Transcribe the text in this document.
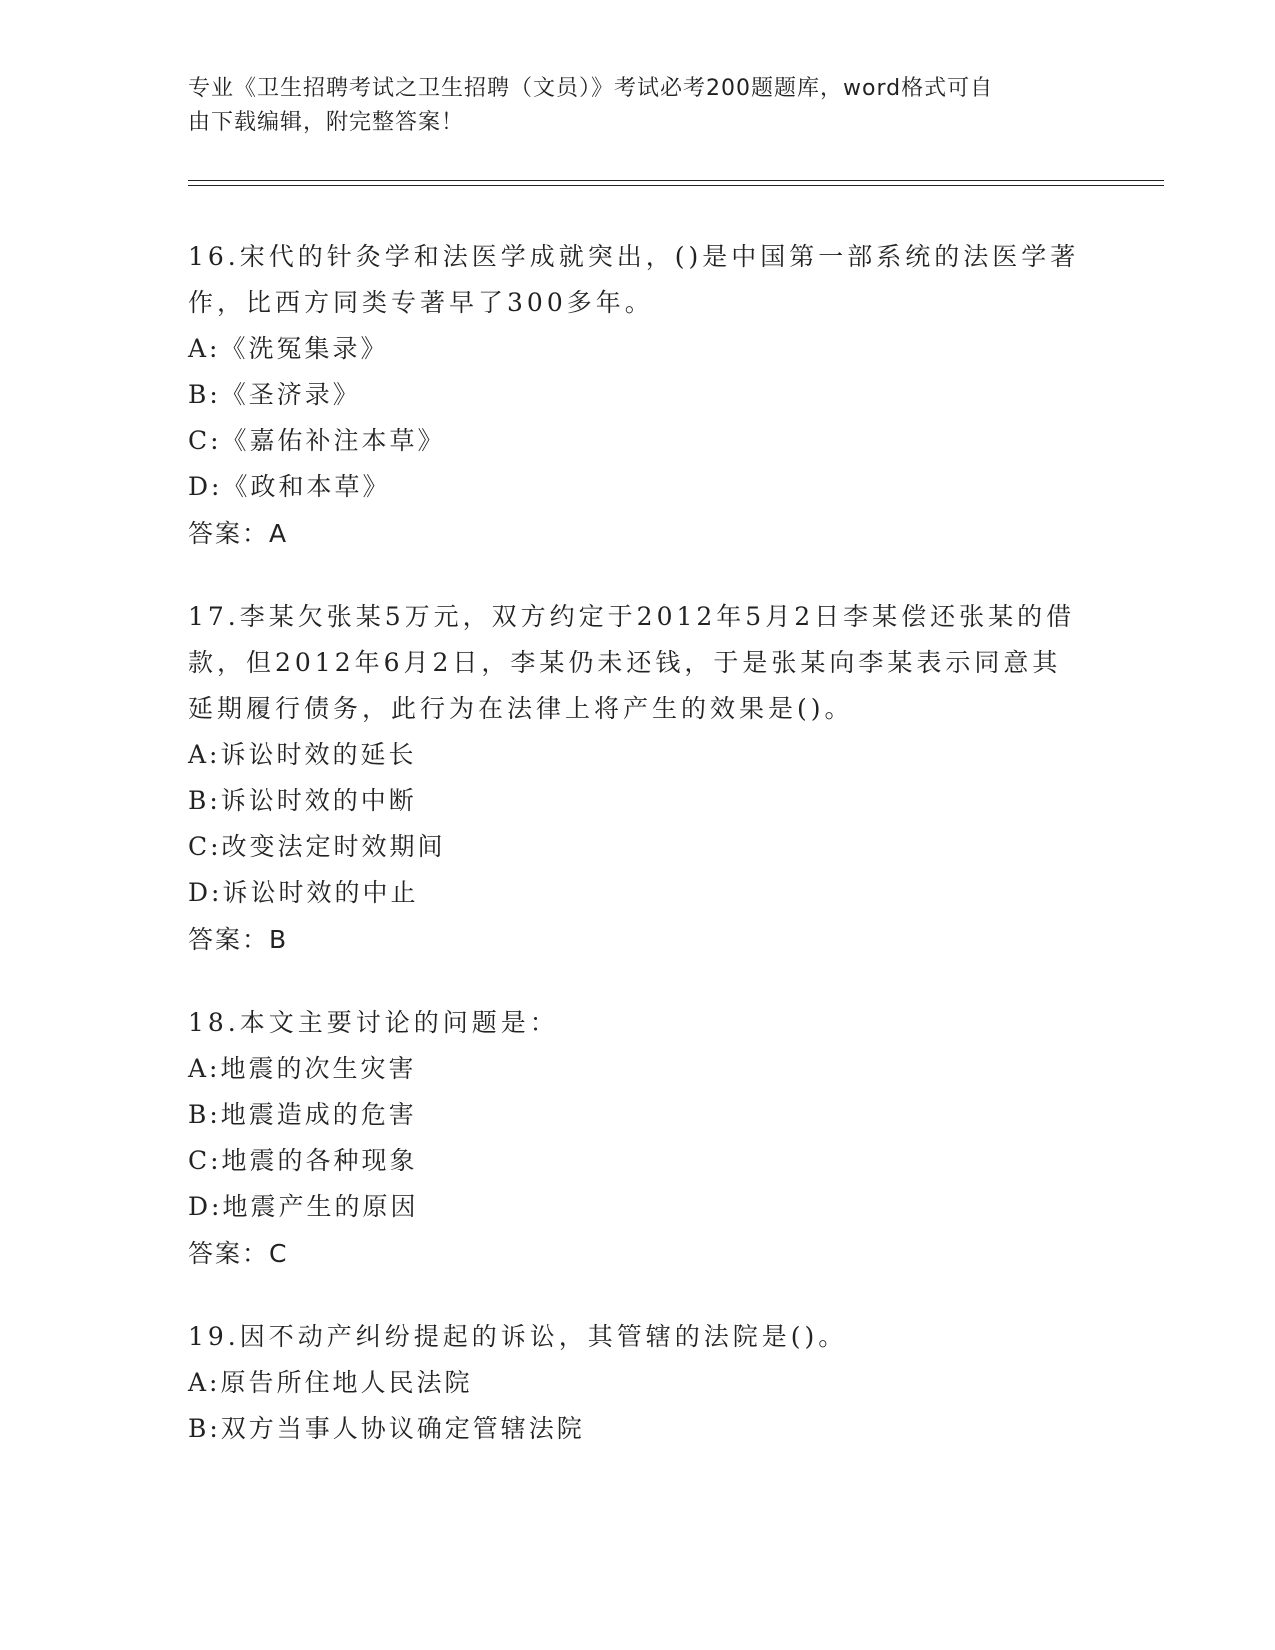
专业《卫生招聘考试之卫生招聘（文员）》考试必考200题题库，word格式可自
由下载编辑，附完整答案！
16.宋代的针灸学和法医学成就突出，()是中国第一部系统的法医学著作，比西方同类专著早了300多年。
A:《洗冤集录》
B:《圣济录》
C:《嘉佑补注本草》
D:《政和本草》
答案：A
17.李某欠张某5万元，双方约定于2012年5月2日李某偿还张某的借款，但2012年6月2日，李某仍未还钱，于是张某向李某表示同意其延期履行债务，此行为在法律上将产生的效果是()。
A:诉讼时效的延长
B:诉讼时效的中断
C:改变法定时效期间
D:诉讼时效的中止
答案：B
18.本文主要讨论的问题是：
A:地震的次生灾害
B:地震造成的危害
C:地震的各种现象
D:地震产生的原因
答案：C
19.因不动产纠纷提起的诉讼，其管辖的法院是()。
A:原告所住地人民法院
B:双方当事人协议确定管辖法院
